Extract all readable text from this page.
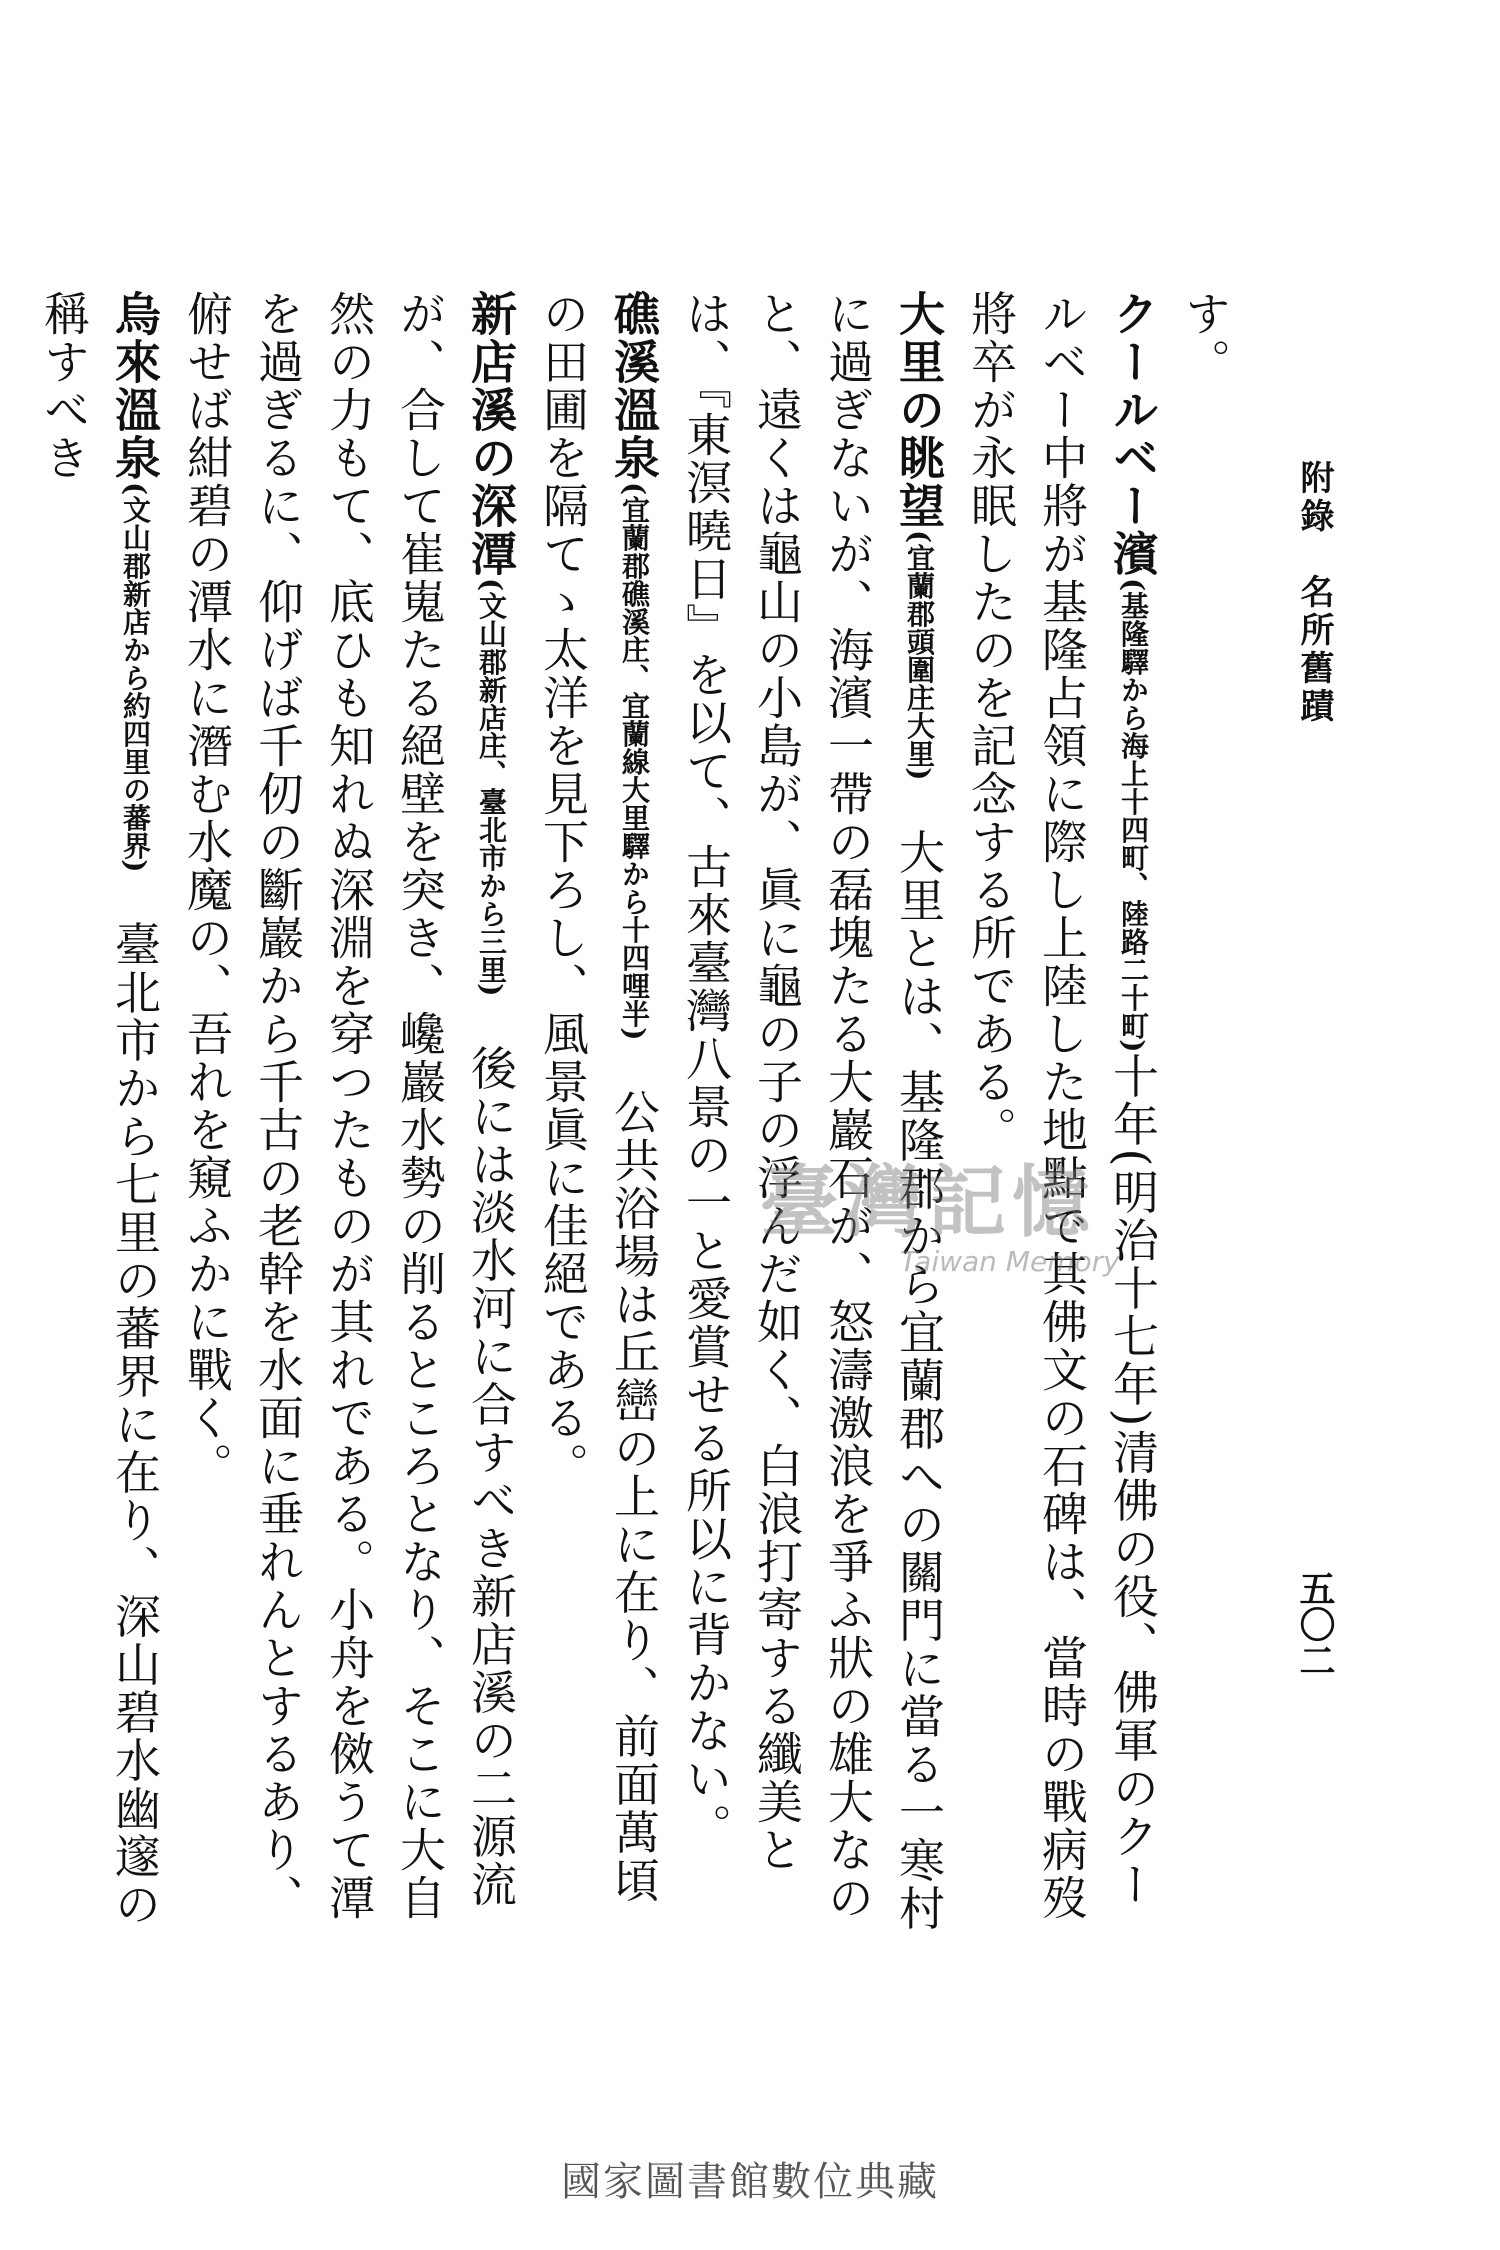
附錄　名所舊蹟
五〇二

す。

クールベー濱(基隆驛から海上十四町、陸路二十町)十年(明治十七年)清佛の役、佛軍のクールベー中將が基隆占領に際し上陸した地點で其佛文の石碑は、當時の戰病歿將卒が永眠したのを記念する所である。

大里の眺望(宜蘭郡頭圍庄大里)　大里とは、基隆郡から宜蘭郡への關門に當る一寒村に過ぎないが、海濱一帶の磊塊たる大巖石が、怒濤激浪を爭ふ狀の雄大なのと、遠くは龜山の小島が、眞に龜の子の浮んだ如く、白浪打寄する纖美とは、『東溟曉日』を以て、古來臺灣八景の一と愛賞せる所以に背かない。

礁溪溫泉(宜蘭郡礁溪庄、宜蘭線大里驛から十四哩半)　公共浴場は丘巒の上に在り、前面萬頃の田圃を隔てゝ太洋を見下ろし、風景眞に佳絕である。

新店溪の深潭(文山郡新店庄、臺北市から三里)　後には淡水河に合すべき新店溪の二源流が、合して崔嵬たる絕壁を突き、巉巖水勢の削るところとなり、そこに大自然の力もて、底ひも知れぬ深淵を穿つたものが其れである。小舟を傚うて潭を過ぎるに、仰げば千仞の斷巖から千古の老幹を水面に垂れんとするあり、俯せば紺碧の潭水に潛む水魔の、吾れを窺ふかに戰く。

烏來溫泉(文山郡新店から約四里の蕃界)　臺北市から七里の蕃界に在り、深山碧水幽邃の稱すべき

臺灣記憶
Taiwan Memory
國家圖書館數位典藏
